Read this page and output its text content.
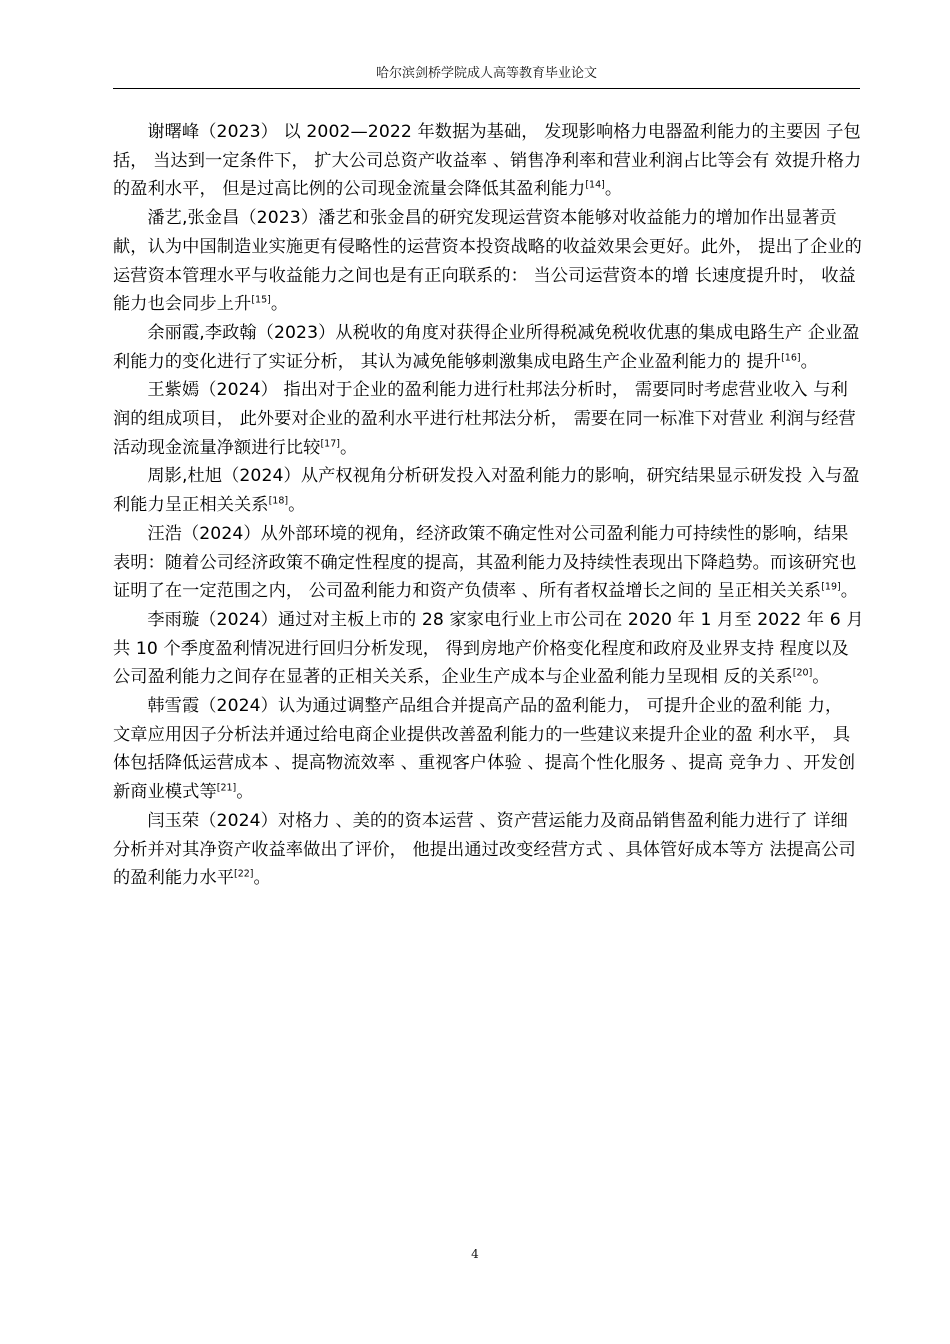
哈尔滨剑桥学院成人高等教育毕业论文

谢曙峰（2023） 以 2002—2022 年数据为基础， 发现影响格力电器盈利能力的主要因 子包括， 当达到一定条件下， 扩大公司总资产收益率 、销售净利率和营业利润占比等会有 效提升格力的盈利水平， 但是过高比例的公司现金流量会降低其盈利能力[14]。

潘艺,张金昌（2023）潘艺和张金昌的研究发现运营资本能够对收益能力的增加作出显著贡献，认为中国制造业实施更有侵略性的运营资本投资战略的收益效果会更好。此外， 提出了企业的运营资本管理水平与收益能力之间也是有正向联系的： 当公司运营资本的增 长速度提升时， 收益能力也会同步上升[15]。

余丽霞,李政翰（2023）从税收的角度对获得企业所得税减免税收优惠的集成电路生产 企业盈利能力的变化进行了实证分析， 其认为减免能够刺激集成电路生产企业盈利能力的 提升[16]。

王紫嫣（2024） 指出对于企业的盈利能力进行杜邦法分析时， 需要同时考虑营业收入 与利润的组成项目， 此外要对企业的盈利水平进行杜邦法分析， 需要在同一标准下对营业 利润与经营活动现金流量净额进行比较[17]。

周影,杜旭（2024）从产权视角分析研发投入对盈利能力的影响，研究结果显示研发投 入与盈利能力呈正相关关系[18]。

汪浩（2024）从外部环境的视角，经济政策不确定性对公司盈利能力可持续性的影响，结果表明：随着公司经济政策不确定性程度的提高，其盈利能力及持续性表现出下降趋势。而该研究也证明了在一定范围之内， 公司盈利能力和资产负债率 、所有者权益增长之间的 呈正相关关系[19]。

李雨璇（2024）通过对主板上市的 28 家家电行业上市公司在 2020 年 1 月至 2022 年 6 月共 10 个季度盈利情况进行回归分析发现， 得到房地产价格变化程度和政府及业界支持 程度以及公司盈利能力之间存在显著的正相关关系，企业生产成本与企业盈利能力呈现相 反的关系[20]。

韩雪霞（2024）认为通过调整产品组合并提高产品的盈利能力， 可提升企业的盈利能 力， 文章应用因子分析法并通过给电商企业提供改善盈利能力的一些建议来提升企业的盈 利水平， 具体包括降低运营成本 、提高物流效率 、重视客户体验 、提高个性化服务 、提高 竞争力 、开发创新商业模式等[21]。

闫玉荣（2024）对格力 、美的的资本运营 、资产营运能力及商品销售盈利能力进行了 详细分析并对其净资产收益率做出了评价， 他提出通过改变经营方式 、具体管好成本等方 法提高公司的盈利能力水平[22]。

4
